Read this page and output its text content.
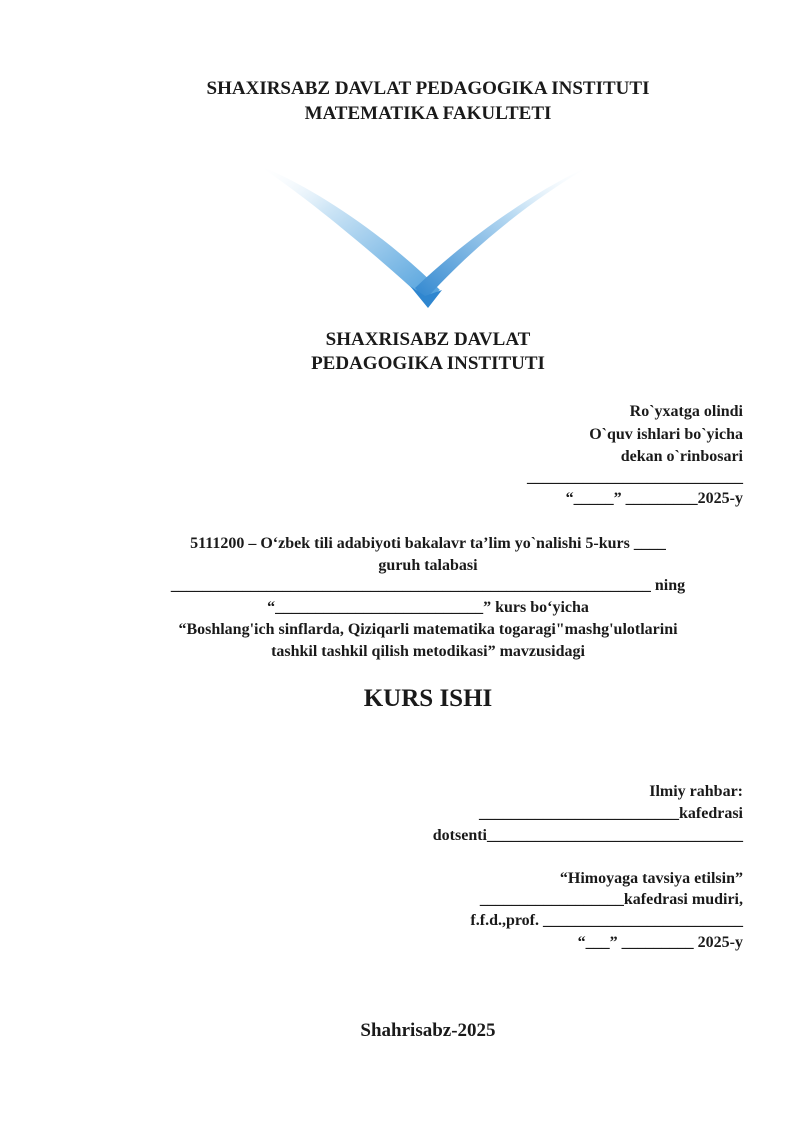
SHAXIRSABZ DAVLAT PEDAGOGIKA INSTITUTI
MATEMATIKA FAKULTETI
SHAXRISABZ DAVLAT
PEDAGOGIKA INSTITUTI
Ro`yxatga olindi
O`quv ishlari bo`yicha
dekan o`rinbosari
___________________________
“_____” _________2025-y
5111200 – O‘zbek tili adabiyoti bakalavr ta’lim yo`nalishi 5-kurs ____
guruh talabasi
____________________________________________________________ ning
“__________________________” kurs bo‘yicha
“Boshlang'ich sinflarda, Qiziqarli matematika togaragi"mashg'ulotlarini
tashkil tashkil qilish metodikasi” mavzusidagi
KURS ISHI
Ilmiy rahbar:
_________________________kafedrasi
dotsenti________________________________
“Himoyaga tavsiya etilsin”
__________________kafedrasi mudiri,
f.f.d.,prof. _________________________
“___” _________ 2025-y
Shahrisabz-2025
